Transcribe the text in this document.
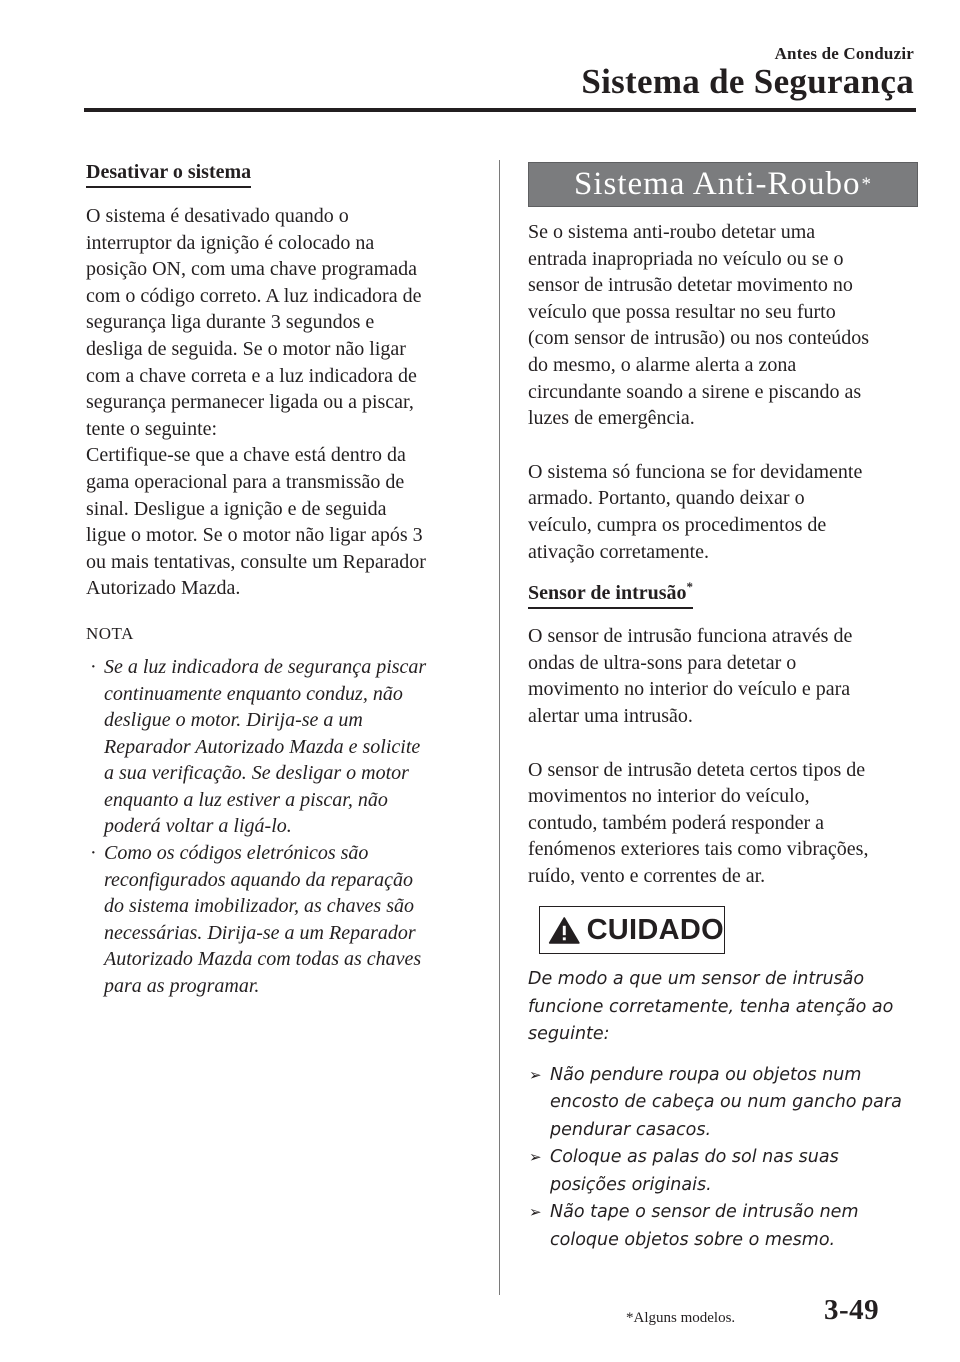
Antes de Conduzir
Sistema de Segurança
Desativar o sistema
O sistema é desativado quando o
interruptor da ignição é colocado na
posição ON, com uma chave programada
com o código correto. A luz indicadora de
segurança liga durante 3 segundos e
desliga de seguida. Se o motor não ligar
com a chave correta e a luz indicadora de
segurança permanecer ligada ou a piscar,
tente o seguinte:
Certifique-se que a chave está dentro da
gama operacional para a transmissão de
sinal. Desligue a ignição e de seguida
ligue o motor. Se o motor não ligar após 3
ou mais tentativas, consulte um Reparador
Autorizado Mazda.
NOTA
· Se a luz indicadora de segurança piscar
continuamente enquanto conduz, não
desligue o motor. Dirija-se a um
Reparador Autorizado Mazda e solicite
a sua verificação. Se desligar o motor
enquanto a luz estiver a piscar, não
poderá voltar a ligá-lo.
· Como os códigos eletrónicos são
reconfigurados aquando da reparação
do sistema imobilizador, as chaves são
necessárias. Dirija-se a um Reparador
Autorizado Mazda com todas as chaves
para as programar.
Sistema Anti-Roubo *
Se o sistema anti-roubo detetar uma
entrada inapropriada no veículo ou se o
sensor de intrusão detetar movimento no
veículo que possa resultar no seu furto
(com sensor de intrusão) ou nos conteúdos
do mesmo, o alarme alerta a zona
circundante soando a sirene e piscando as
luzes de emergência.
O sistema só funciona se for devidamente
armado. Portanto, quando deixar o
veículo, cumpra os procedimentos de
ativação corretamente.
Sensor de intrusão*
O sensor de intrusão funciona através de
ondas de ultra-sons para detetar o
movimento no interior do veículo e para
alertar uma intrusão.
O sensor de intrusão deteta certos tipos de
movimentos no interior do veículo,
contudo, também poderá responder a
fenómenos exteriores tais como vibrações,
ruído, vento e correntes de ar.
CUIDADO
De modo a que um sensor de intrusão
funcione corretamente, tenha atenção ao
seguinte:
➢ Não pendure roupa ou objetos num
encosto de cabeça ou num gancho para
pendurar casacos.
➢ Coloque as palas do sol nas suas
posições originais.
➢ Não tape o sensor de intrusão nem
coloque objetos sobre o mesmo.
*Alguns modelos.	3-49
